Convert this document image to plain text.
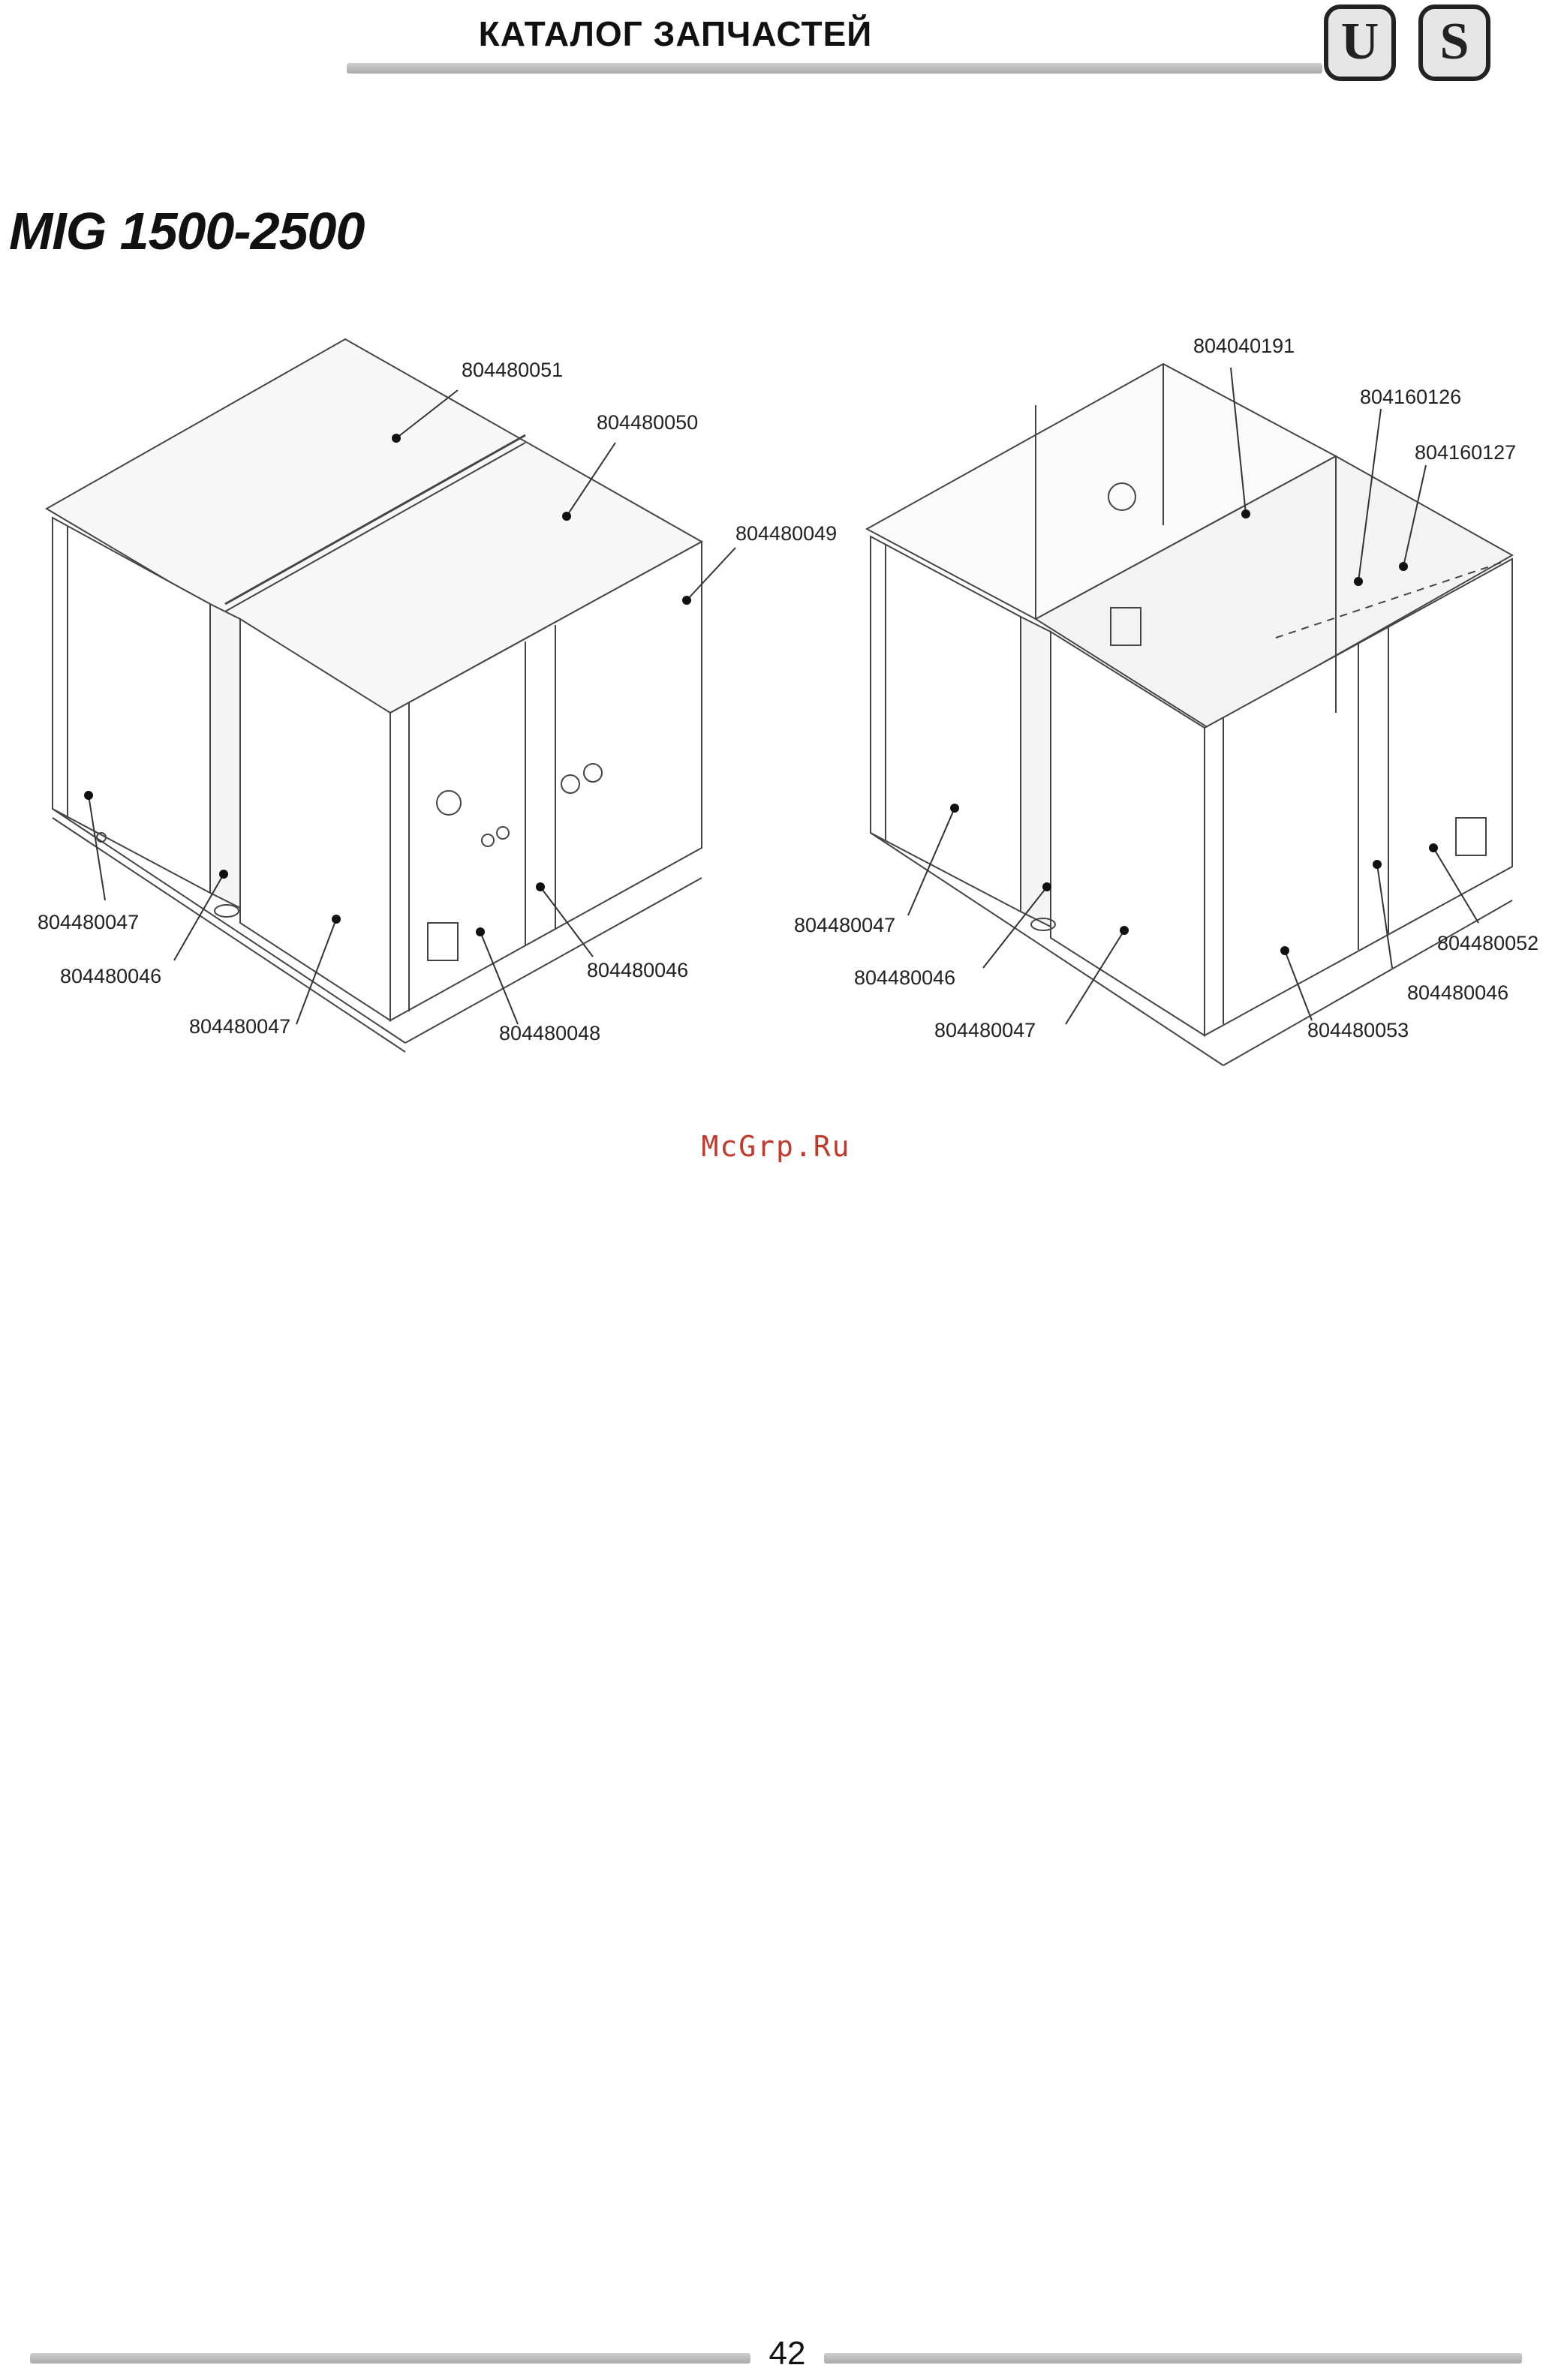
КАТАЛОГ ЗАПЧАСТЕЙ	U	S
MIG 1500-2500
804480051
804480050
804480049
804480047
804480046
804480047	804480048
804480046
804040191
804160126
804160127
804480047
804480046
804480047	804480053
804480046
804480052
McGrp.Ru
42
